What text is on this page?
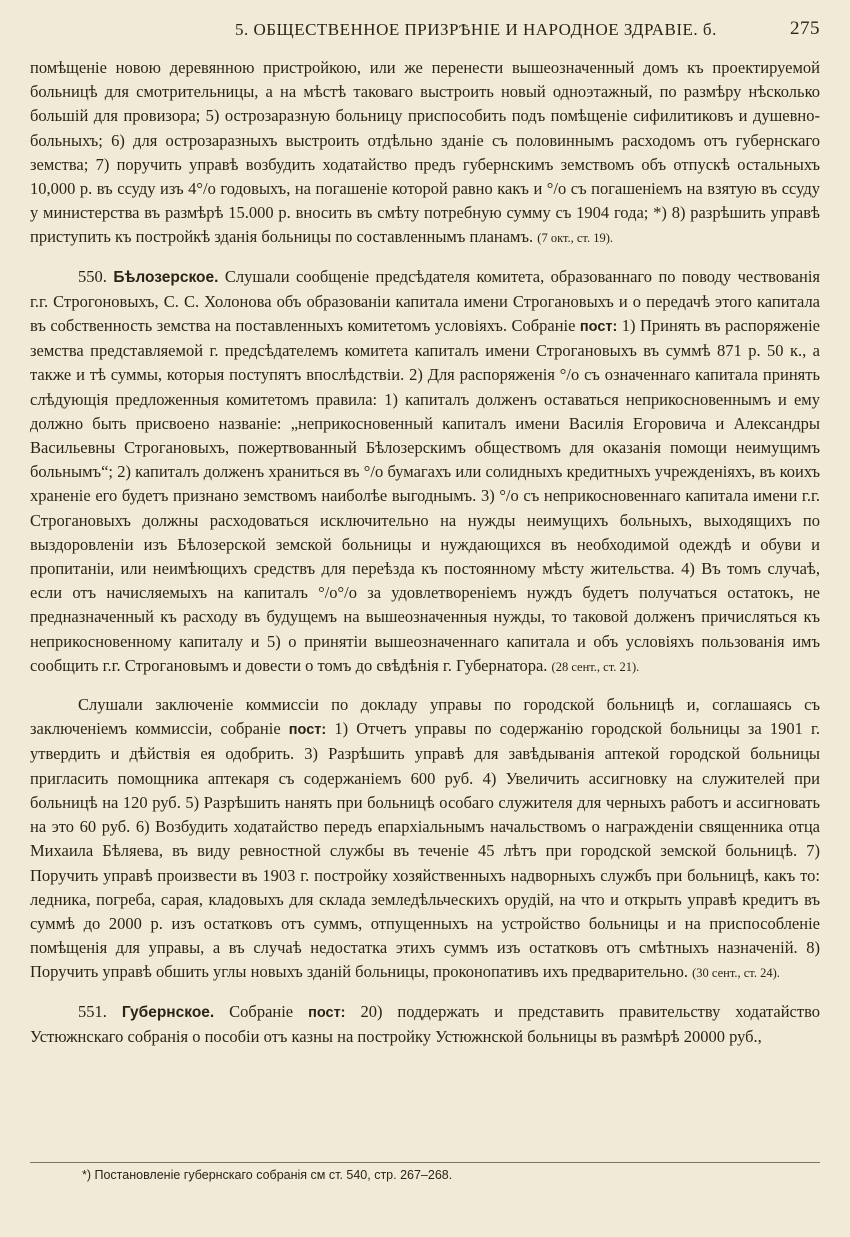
5. ОБЩЕСТВЕННОЕ ПРИЗРѢНIЕ И НАРОДНОЕ ЗДРАВIЕ. б.	275

помѣщенiе новою деревянною пристройкою, или же перенести вышеозначенный домъ къ проектируемой больницѣ для смотрительницы, а на мѣстѣ таковаго выстроить новый одноэтажный, по размѣру нѣсколько большiй для провизора; 5) острозаразную больницу приспособить подъ помѣщенiе сифилитиковъ и душевно-больныхъ; 6) для острозаразныхъ выстроить отдѣльно зданiе съ половиннымъ расходомъ отъ губернскаго земства; 7) поручить управѣ возбудить ходатайство предъ губернскимъ земствомъ объ отпускѣ остальныхъ 10,000 р. въ ссуду изъ 4°/о годовыхъ, на погашенiе которой равно какъ и °/о съ погашенiемъ на взятую въ ссуду у министерства въ размѣрѣ 15.000 р. вносить въ смѣту потребную сумму съ 1904 года; *) 8) разрѣшить управѣ приступить къ постройкѣ зданiя больницы по составленнымъ планамъ. (7 окт., ст. 19).

550. Бѣлозерское. Слушали сообщенiе предсѣдателя комитета, образованнаго по поводу чествованiя г.г. Строгоновыхъ, С. С. Холонова объ образованiи капитала имени Строгановыхъ и о передачѣ этого капитала въ собственность земства на поставленныхъ комитетомъ условiяхъ. Собранiе пост: 1) Принять въ распоряженiе земства представляемой г. предсѣдателемъ комитета капиталъ имени Строгановыхъ въ суммѣ 871 р. 50 к., а также и тѣ суммы, которыя поступятъ впослѣдствiи. 2) Для распоряженiя °/о съ означеннаго капитала принять слѣдующiя предложенныя комитетомъ правила: 1) капиталъ долженъ оставаться неприкосновеннымъ и ему должно быть присвоено названiе: „неприкосновенный капиталъ имени Василiя Егоровича и Александры Васильевны Строгановыхъ, пожертвованный Бѣлозерскимъ обществомъ для оказанiя помощи неимущимъ больнымъ“; 2) капиталъ долженъ храниться въ °/о бумагахъ или солидныхъ кредитныхъ учрежденiяхъ, въ коихъ храненiе его будетъ признано земствомъ наиболѣе выгоднымъ. 3) °/о съ неприкосновеннаго капитала имени г.г. Строгановыхъ должны расходоваться исключительно на нужды неимущихъ больныхъ, выходящихъ по выздоровленiи изъ Бѣлозерской земской больницы и нуждающихся въ необходимой одеждѣ и обуви и пропитанiи, или неимѣющихъ средствъ для переѣзда къ постоянному мѣсту жительства. 4) Въ томъ случаѣ, если отъ начисляемыхъ на капиталъ °/о°/о за удовлетворенiемъ нуждъ будетъ получаться остатокъ, не предназначенный къ расходу въ будущемъ на вышеозначенныя нужды, то таковой долженъ причисляться къ неприкосновенному капиталу и 5) о принятiи вышеозначеннаго капитала и объ условiяхъ пользованiя имъ сообщить г.г. Строгановымъ и довести о томъ до свѣдѣнiя г. Губернатора. (28 сент., ст. 21).

Слушали заключенiе коммиссiи по докладу управы по городской больницѣ и, соглашаясь съ заключенiемъ коммиссiи, собранiе пост: 1) Отчетъ управы по содержанiю городской больницы за 1901 г. утвердить и дѣйствiя ея одобрить. 3) Разрѣшить управѣ для завѣдыванiя аптекой городской больницы пригласить помощника аптекаря съ содержанiемъ 600 руб. 4) Увеличить ассигновку на служителей при больницѣ на 120 руб. 5) Разрѣшить нанять при больницѣ особаго служителя для черныхъ работъ и ассигновать на это 60 руб. 6) Возбудить ходатайство передъ епархiальнымъ начальствомъ о награжденiи священника отца Михаила Бѣляева, въ виду ревностной службы въ теченiе 45 лѣтъ при городской земской больницѣ. 7) Поручить управѣ произвести въ 1903 г. постройку хозяйственныхъ надворныхъ службъ при больницѣ, какъ то: ледника, погреба, сарая, кладовыхъ для склада земледѣльческихъ орудiй, на что и открыть управѣ кредитъ въ суммѣ до 2000 р. изъ остатковъ отъ суммъ, отпущенныхъ на устройство больницы и на приспособленiе помѣщенiя для управы, а въ случаѣ недостатка этихъ суммъ изъ остатковъ отъ смѣтныхъ назначенiй. 8) Поручить управѣ обшить углы новыхъ зданiй больницы, проконопативъ ихъ предварительно. (30 сент., ст. 24).

551. Губернское. Собранiе пост: 20) поддержать и представить правительству ходатайство Устюжнскаго собранiя о пособiи отъ казны на постройку Устюжнской больницы въ размѣрѣ 20000 руб.,

*) Постановленiе губернскаго собранiя см ст. 540, стр. 267–268.
